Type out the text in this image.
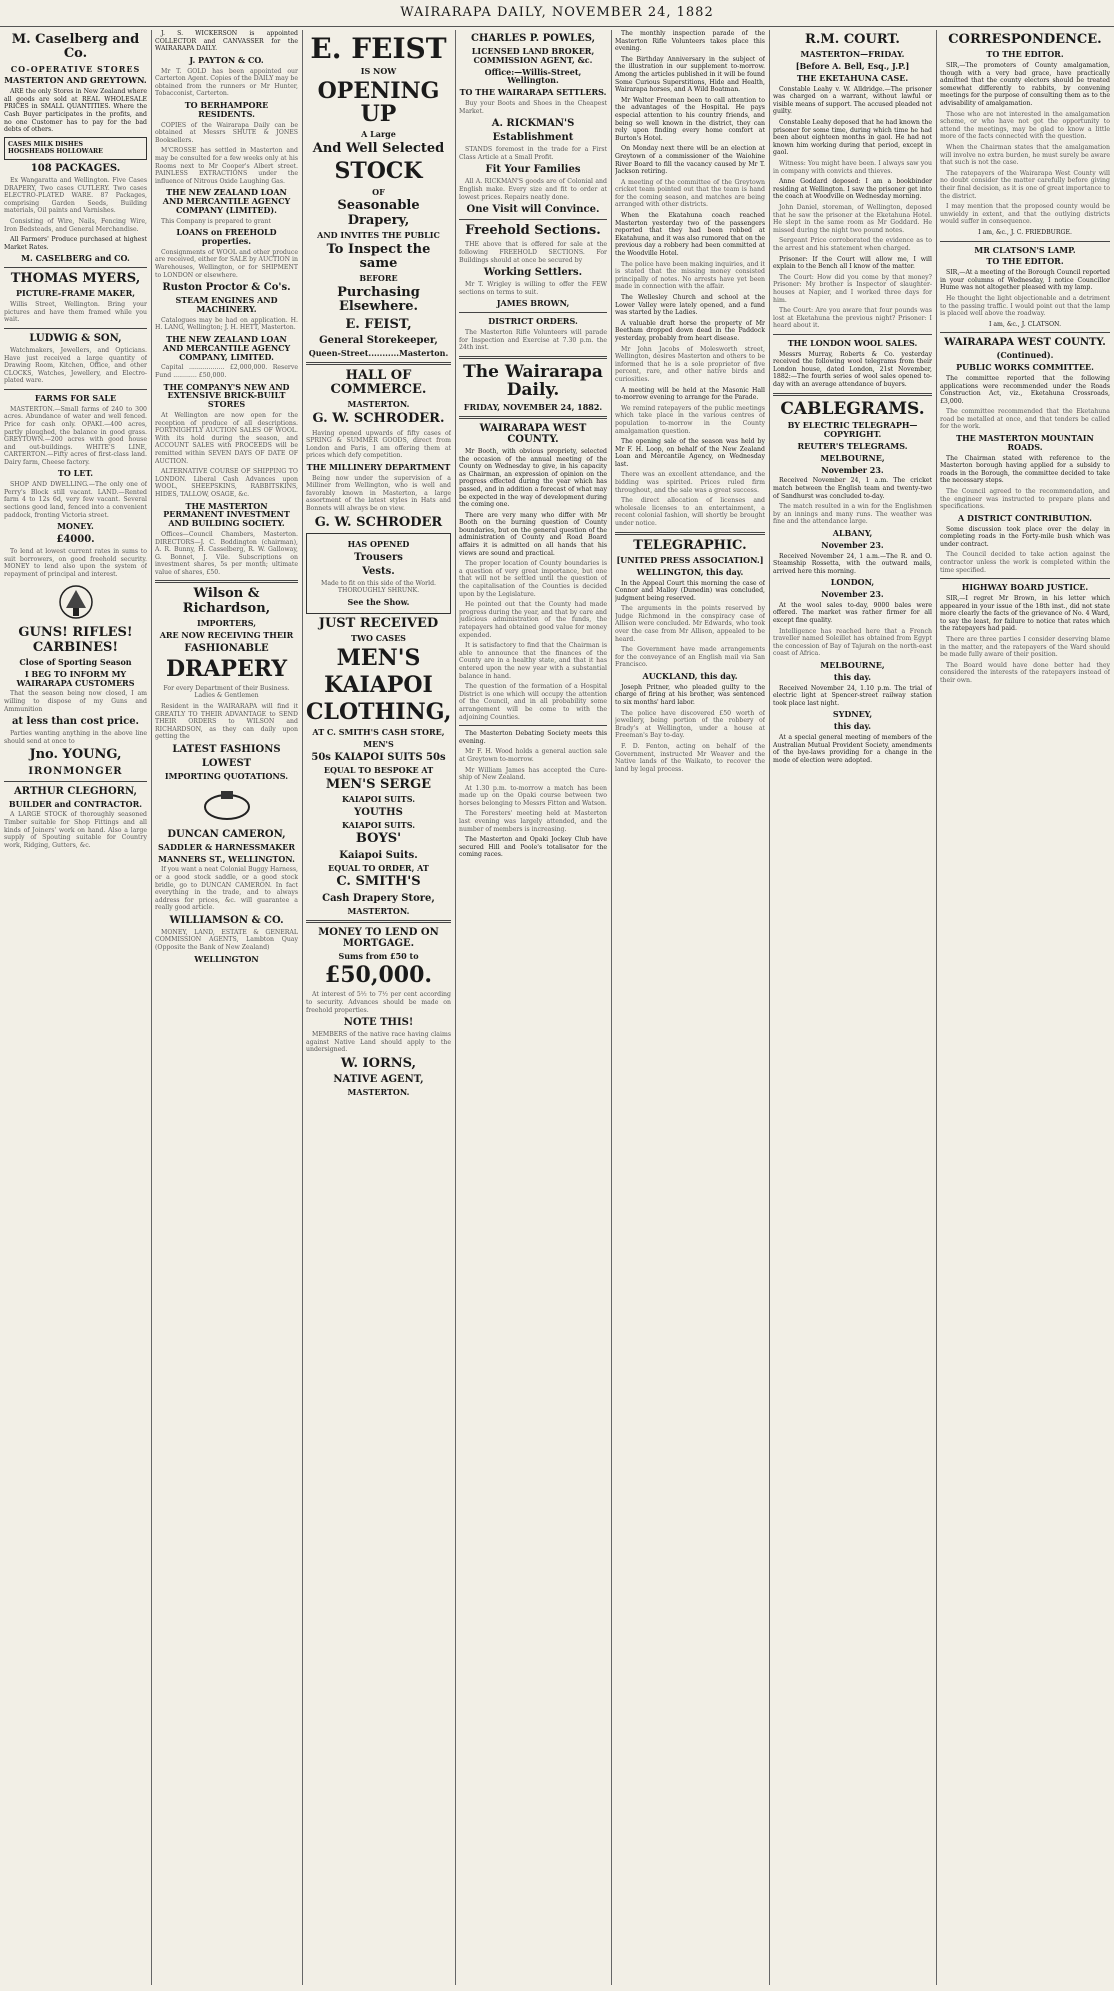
WAIRARAPA DAILY, NOVEMBER 24, 1882
M. Caselberg and Co.
CO-OPERATIVE STORES
MASTERTON AND GREYTOWN.

ARE the only Stores in New Zealand where all goods are sold at REAL WHOLESALE PRICES in SMALL QUANTITIES. Where the Cash Buyer participates in the profits, and no one Customer has to pay for the bad debts of others.

CASES MILK DISHES
HOGSHEADS HOLLOWARE
108 PACKAGES.

Ex Wangaratta and Wellington. Five Cases DRAPERY, Two cases CUTLERY. Two cases ELECTRO-PLATED WARE. 87 Packages, comprising Garden Seeds, Building materials, Oil paints and Varnishes.

Consisting of Wire, Nails, Fencing Wire, Iron Bedsteads, and General Merchandise.

All Farmers' Produce purchased at highest Market Rates.

M. CASELBERG and CO.
THOMAS MYERS,
PICTURE-FRAME MAKER,

Willis Street, Wellington. Bring your pictures and have them framed while you wait.

LUDWIG & SON,

Watchmakers, Jewellers, and Opticians. Have just received a large quantity of Drawing Room, Kitchen, Office, and other CLOCKS, Watches, Jewellery, and Electro-plated ware.

FARMS FOR SALE

MASTERTON.—Small farms of 240 to 300 acres. Abundance of water and well fenced. Price for cash only. OPAKI.—400 acres, partly ploughed, the balance in good grass. GREYTOWN.—200 acres with good house and out-buildings. WHITE'S LINE, CARTERTON.—Fifty acres of first-class land. Dairy farm, Cheese factory.

TO LET.

SHOP AND DWELLING.—The only one of Perry's Block still vacant. LAND.—Rented farm 4 to 12s 6d, very few vacant. Several sections good land, fenced into a convenient paddock, fronting Victoria street.

MONEY.
£4000.

To lend at lowest current rates in sums to suit borrowers, on good freehold security. MONEY to lend also upon the system of repayment of principal and interest.

GUNS! RIFLES! CARBINES!
Close of Sporting Season
I BEG TO INFORM MY WAIRARAPA CUSTOMERS

That the season being now closed, I am willing to dispose of my Guns and Ammunition

at less than cost price.

Parties wanting anything in the above line should send at once to

Jno. YOUNG,
IRONMONGER
ARTHUR CLEGHORN,
BUILDER and CONTRACTOR.

A LARGE STOCK of thoroughly seasoned Timber suitable for Shop Fittings and all kinds of Joiners' work on hand. Also a large supply of Spouting suitable for Country work, Ridging, Gutters, &c.

J. S. WICKERSON is appointed COLLECTOR and CANVASSER for the WAIRARAPA DAILY.

J. PAYTON & CO.

Mr T. GOLD has been appointed our Carterton Agent. Copies of the DAILY may be obtained from the runners or Mr Hunter, Tobacconist, Carterton.

TO BERHAMPORE RESIDENTS.

COPIES of the Wairarapa Daily can be obtained at Messrs SHUTE & JONES Booksellers.

M'CROSSE has settled in Masterton and may be consulted for a few weeks only at his Rooms next to Mr Cooper's Albert street. PAINLESS EXTRACTIONS under the influence of Nitrous Oxide Laughing Gas.

THE NEW ZEALAND LOAN AND MERCANTILE AGENCY COMPANY (LIMITED).

This Company is prepared to grant

LOANS on FREEHOLD properties.

Consignments of WOOL and other produce are received, either for SALE by AUCTION in Warehouses, Wellington, or for SHIPMENT to LONDON or elsewhere.

Ruston Proctor & Co's.
STEAM ENGINES AND MACHINERY.

Catalogues may be had on application. H. H. LANG, Wellington; J. H. HETT, Masterton.

THE NEW ZEALAND LOAN AND MERCANTILE AGENCY COMPANY, LIMITED.

Capital .................. £2,000,000. Reserve Fund ............ £50,000.

THE COMPANY'S NEW AND EXTENSIVE BRICK-BUILT STORES

At Wellington are now open for the reception of produce of all descriptions. FORTNIGHTLY AUCTION SALES OF WOOL. With its hold during the season, and ACCOUNT SALES with PROCEEDS will be remitted within SEVEN DAYS OF DATE OF AUCTION.

ALTERNATIVE COURSE OF SHIPPING TO LONDON. Liberal Cash Advances upon WOOL, SHEEPSKINS, RABBITSKINS, HIDES, TALLOW, OSAGE, &c.

THE MASTERTON PERMANENT INVESTMENT AND BUILDING SOCIETY.

Offices—Council Chambers, Masterton. DIRECTORS—J. C. Boddington (chairman), A. R. Bunny, H. Casselberg, R. W. Galloway, G. Bonnet, J. Vile. Subscriptions on investment shares, 5s per month; ultimate value of shares, £50.

Wilson & Richardson,
IMPORTERS,
ARE NOW RECEIVING THEIR
FASHIONABLE
DRAPERY

For every Department of their Business. Ladies & Gentlemen

Resident in the WAIRARAPA will find it GREATLY TO THEIR ADVANTAGE to SEND THEIR ORDERS to WILSON and RICHARDSON, as they can daily upon getting the

LATEST FASHIONS
LOWEST
IMPORTING QUOTATIONS.
DUNCAN CAMERON,
SADDLER & HARNESSMAKER
MANNERS ST., WELLINGTON.

If you want a neat Colonial Buggy Harness, or a good stock saddle, or a good stock bridle, go to DUNCAN CAMERON. In fact everything in the trade, and to always address for prices, &c. will guarantee a really good article.

WILLIAMSON & CO.

MONEY, LAND, ESTATE & GENERAL COMMISSION AGENTS, Lambton Quay (Opposite the Bank of New Zealand)

WELLINGTON
E. FEIST
IS NOW
OPENING UP
A Large
And Well Selected
STOCK
OF
Seasonable Drapery,
AND INVITES THE PUBLIC
To Inspect the same
BEFORE
Purchasing Elsewhere.
E. FEIST,
General Storekeeper,
Queen-Street...........Masterton.
HALL OF COMMERCE.
MASTERTON.
G. W. SCHRODER.

Having opened upwards of fifty cases of SPRING & SUMMER GOODS, direct from London and Paris, I am offering them at prices which defy competition.

THE MILLINERY DEPARTMENT

Being now under the supervision of a Milliner from Wellington, who is well and favorably known in Masterton, a large assortment of the latest styles in Hats and Bonnets will always be on view.

G. W. SCHRODER
HAS OPENED
Trousers
Vests.

Made to fit on this side of the World. THOROUGHLY SHRUNK.

See the Show.
JUST RECEIVED
TWO CASES
MEN'S
KAIAPOI
CLOTHING,
AT C. SMITH'S CASH STORE,
MEN'S
50s KAIAPOI SUITS 50s
EQUAL TO BESPOKE AT
MEN'S SERGE
KAIAPOI SUITS.
YOUTHS
KAIAPOI SUITS.
BOYS'
Kaiapoi Suits.
EQUAL TO ORDER, AT
C. SMITH'S
Cash Drapery Store,
MASTERTON.
MONEY TO LEND ON MORTGAGE.
Sums from £50 to
£50,000.

At interest of 5½ to 7½ per cent according to security. Advances should be made on freehold properties.

NOTE THIS!

MEMBERS of the native race having claims against Native Land should apply to the undersigned.

W. IORNS,
NATIVE AGENT,
MASTERTON.
CHARLES P. POWLES,
LICENSED LAND BROKER, COMMISSION AGENT, &c.
Office:—Willis-Street, Wellington.
TO THE WAIRARAPA SETTLERS.

Buy your Boots and Shoes in the Cheapest Market.

A. RICKMAN'S
Establishment

STANDS foremost in the trade for a First Class Article at a Small Profit.

Fit Your Families

All A. RICKMAN'S goods are of Colonial and English make. Every size and fit to order at lowest prices. Repairs neatly done.

One Visit will Convince.
Freehold Sections.

THE above that is offered for sale at the following FREEHOLD SECTIONS. For Buildings should at once be secured by

Working Settlers.

Mr T. Wrigley is willing to offer the FEW sections on terms to suit.

JAMES BROWN,
DISTRICT ORDERS.

The Masterton Rifle Volunteers will parade for Inspection and Exercise at 7.30 p.m. the 24th inst.

The Wairarapa Daily.
FRIDAY, NOVEMBER 24, 1882.
WAIRARAPA WEST COUNTY.

Mr Booth, with obvious propriety, selected the occasion of the annual meeting of the County on Wednesday to give, in his capacity as Chairman, an expression of opinion on the progress effected during the year which has passed, and in addition a forecast of what may be expected in the way of development during the coming one.

There are very many who differ with Mr Booth on the burning question of County boundaries, but on the general question of the administration of County and Road Board affairs it is admitted on all hands that his views are sound and practical.

The proper location of County boundaries is a question of very great importance, but one that will not be settled until the question of the capitalisation of the Counties is decided upon by the Legislature.

He pointed out that the County had made progress during the year, and that by care and judicious administration of the funds, the ratepayers had obtained good value for money expended.

It is satisfactory to find that the Chairman is able to announce that the finances of the County are in a healthy state, and that it has entered upon the new year with a substantial balance in hand.

The question of the formation of a Hospital District is one which will occupy the attention of the Council, and in all probability some arrangement will be come to with the adjoining Counties.

The Masterton Debating Society meets this evening.

Mr F. H. Wood holds a general auction sale at Greytown to-morrow.

Mr William James has accepted the Cure-ship of New Zealand.

At 1.30 p.m. to-morrow a match has been made up on the Opaki course between two horses belonging to Messrs Fitton and Watson.

The Foresters' meeting held at Masterton last evening was largely attended, and the number of members is increasing.

The Masterton and Opaki Jockey Club have secured Hill and Poole's totalisator for the coming races.

The monthly inspection parade of the Masterton Rifle Volunteers takes place this evening.

The Birthday Anniversary in the subject of the illustration in our supplement to-morrow. Among the articles published in it will be found Some Curious Superstitions, Hide and Health, Wairarapa horses, and A Wild Boatman.

Mr Walter Freeman been to call attention to the advantages of the Hospital. He pays especial attention to his country friends, and being so well known in the district, they can rely upon finding every home comfort at Burton's Hotel.

On Monday next there will be an election at Greytown of a commissioner of the Waiohine River Board to fill the vacancy caused by Mr T. Jackson retiring.

A meeting of the committee of the Greytown cricket team pointed out that the team is hand for the coming season, and matches are being arranged with other districts.

When the Ekatahuna coach reached Masterton yesterday two of the passengers reported that they had been robbed at Ekatahuna, and it was also rumored that on the previous day a robbery had been committed at the Woodville Hotel.

The police have been making inquiries, and it is stated that the missing money consisted principally of notes. No arrests have yet been made in connection with the affair.

The Wellesley Church and school at the Lower Valley were lately opened, and a fund was started by the Ladies.

A valuable draft horse the property of Mr Beetham dropped down dead in the Paddock yesterday, probably from heart disease.

Mr John Jacobs of Molesworth street, Wellington, desires Masterton and others to be informed that he is a sole proprietor of five percent, rare, and other native birds and curiosities.

A meeting will be held at the Masonic Hall to-morrow evening to arrange for the Parade.

We remind ratepayers of the public meetings which take place in the various centres of population to-morrow in the County amalgamation question.

The opening sale of the season was held by Mr F. H. Loop, on behalf of the New Zealand Loan and Mercantile Agency, on Wednesday last.

There was an excellent attendance, and the bidding was spirited. Prices ruled firm throughout, and the sale was a great success.

The direct allocation of licenses and wholesale licenses to an entertainment, a recent colonial fashion, will shortly be brought under notice.

TELEGRAPHIC.
[UNITED PRESS ASSOCIATION.]
WELLINGTON, this day.

In the Appeal Court this morning the case of Connor and Malloy (Dunedin) was concluded, judgment being reserved.

The arguments in the points reserved by Judge Richmond in the conspiracy case of Allison were concluded. Mr Edwards, who took over the case from Mr Allison, appealed to be heard.

The Government have made arrangements for the conveyance of an English mail via San Francisco.

AUCKLAND, this day.

Joseph Pritner, who pleaded guilty to the charge of firing at his brother, was sentenced to six months' hard labor.

The police have discovered £50 worth of jewellery, being portion of the robbery of Brady's at Wellington, under a house at Freeman's Bay to-day.

F. D. Fenton, acting on behalf of the Government, instructed Mr Weaver and the Native lands of the Waikato, to recover the land by legal process.

R.M. COURT.
MASTERTON—FRIDAY.
[Before A. Bell, Esq., J.P.]
THE EKETAHUNA CASE.

Constable Leahy v. W. Alldridge.—The prisoner was charged on a warrant, without lawful or visible means of support. The accused pleaded not guilty.

Constable Leahy deposed that he had known the prisoner for some time, during which time he had been about eighteen months in gaol. He had not known him working during that period, except in gaol.

Witness: You might have been. I always saw you in company with convicts and thieves.

Anne Goddard deposed: I am a bookbinder residing at Wellington. I saw the prisoner get into the coach at Woodville on Wednesday morning.

John Daniel, storeman, of Wellington, deposed that he saw the prisoner at the Eketahuna Hotel. He slept in the same room as Mr Goddard. He missed during the night two pound notes.

Sergeant Price corroborated the evidence as to the arrest and his statement when charged.

Prisoner: If the Court will allow me, I will explain to the Bench all I know of the matter.

The Court: How did you come by that money? Prisoner: My brother is Inspector of slaughter-houses at Napier, and I worked three days for him.

The Court: Are you aware that four pounds was lost at Eketahuna the previous night? Prisoner: I heard about it.

THE LONDON WOOL SALES.

Messrs Murray, Roberts & Co. yesterday received the following wool telegrams from their London house, dated London, 21st November, 1882:—The fourth series of wool sales opened to-day with an average attendance of buyers.

CABLEGRAMS.
BY ELECTRIC TELEGRAPH—COPYRIGHT.
REUTER'S TELEGRAMS.
MELBOURNE,
November 23.

Received November 24, 1 a.m. The cricket match between the English team and twenty-two of Sandhurst was concluded to-day.

The match resulted in a win for the Englishmen by an innings and many runs. The weather was fine and the attendance large.

ALBANY,
November 23.

Received November 24, 1 a.m.—The R. and O. Steamship Rossetta, with the outward mails, arrived here this morning.

LONDON,
November 23.

At the wool sales to-day, 9000 bales were offered. The market was rather firmer for all except fine quality.

Intelligence has reached here that a French traveller named Soleillet has obtained from Egypt the concession of Bay of Tajurah on the north-east coast of Africa.

MELBOURNE,
this day.

Received November 24, 1.10 p.m. The trial of electric light at Spencer-street railway station took place last night.

SYDNEY,
this day.

At a special general meeting of members of the Australian Mutual Provident Society, amendments of the bye-laws providing for a change in the mode of election were adopted.

CORRESPONDENCE.
TO THE EDITOR.

SIR,—The promoters of County amalgamation, though with a very bad grace, have practically admitted that the county electors should be treated somewhat differently to rabbits, by convening meetings for the purpose of consulting them as to the advisability of amalgamation.

Those who are not interested in the amalgamation scheme, or who have not got the opportunity to attend the meetings, may be glad to know a little more of the facts connected with the question.

When the Chairman states that the amalgamation will involve no extra burden, he must surely be aware that such is not the case.

The ratepayers of the Wairarapa West County will no doubt consider the matter carefully before giving their final decision, as it is one of great importance to the district.

I may mention that the proposed county would be unwieldy in extent, and that the outlying districts would suffer in consequence.

I am, &c., J. C. FRIEDBURGE.

MR CLATSON'S LAMP.
TO THE EDITOR.

SIR,—At a meeting of the Borough Council reported in your columns of Wednesday, I notice Councillor Hume was not altogether pleased with my lamp.

He thought the light objectionable and a detriment to the passing traffic. I would point out that the lamp is placed well above the roadway.

I am, &c., J. CLATSON.

WAIRARAPA WEST COUNTY.
(Continued).
PUBLIC WORKS COMMITTEE.

The committee reported that the following applications were recommended under the Roads Construction Act, viz., Eketahuna Crossroads, £3,000.

The committee recommended that the Eketahuna road be metalled at once, and that tenders be called for the work.

THE MASTERTON MOUNTAIN ROADS.

The Chairman stated with reference to the Masterton borough having applied for a subsidy to roads in the Borough, the committee decided to take the necessary steps.

The Council agreed to the recommendation, and the engineer was instructed to prepare plans and specifications.

A DISTRICT CONTRIBUTION.

Some discussion took place over the delay in completing roads in the Forty-mile bush which was under contract.

The Council decided to take action against the contractor unless the work is completed within the time specified.

HIGHWAY BOARD JUSTICE.

SIR,—I regret Mr Brown, in his letter which appeared in your issue of the 18th inst., did not state more clearly the facts of the grievance of No. 4 Ward, to say the least, for failure to notice that rates which the ratepayers had paid.

There are three parties I consider deserving blame in the matter, and the ratepayers of the Ward should be made fully aware of their position.

The Board would have done better had they considered the interests of the ratepayers instead of their own.
